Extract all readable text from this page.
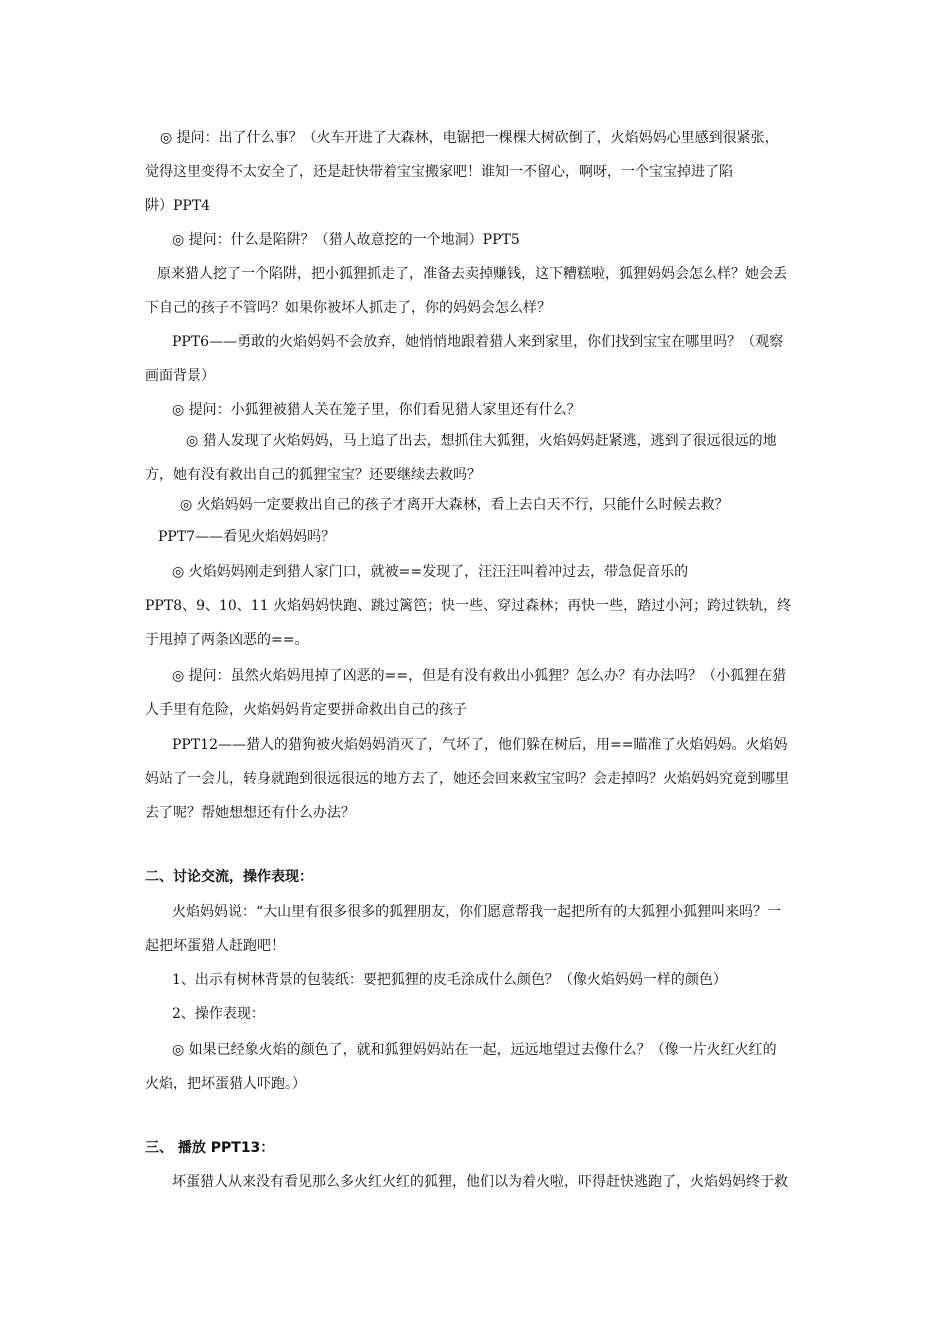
◎ 提问：出了什么事？（火车开进了大森林，电锯把一棵棵大树砍倒了，火焰妈妈心里感到很紧张，

觉得这里变得不太安全了，还是赶快带着宝宝搬家吧！谁知一不留心，啊呀，一个宝宝掉进了陷

阱）PPT4

◎ 提问：什么是陷阱？（猎人故意挖的一个地洞）PPT5

原来猎人挖了一个陷阱，把小狐狸抓走了，准备去卖掉赚钱，这下糟糕啦，狐狸妈妈会怎么样？她会丢

下自己的孩子不管吗？如果你被坏人抓走了，你的妈妈会怎么样？

PPT6——勇敢的火焰妈妈不会放弃，她悄悄地跟着猎人来到家里，你们找到宝宝在哪里吗？（观察

画面背景）

◎ 提问：小狐狸被猎人关在笼子里，你们看见猎人家里还有什么？

◎ 猎人发现了火焰妈妈，马上追了出去，想抓住大狐狸，火焰妈妈赶紧逃，逃到了很远很远的地

方，她有没有救出自己的狐狸宝宝？还要继续去救吗？

◎ 火焰妈妈一定要救出自己的孩子才离开大森林，看上去白天不行，只能什么时候去救？

PPT7——看见火焰妈妈吗？

◎ 火焰妈妈刚走到猎人家门口，就被==发现了，汪汪汪叫着冲过去，带急促音乐的

PPT8、9、10、11 火焰妈妈快跑、跳过篱笆；快一些、穿过森林；再快一些，踏过小河；跨过铁轨，终

于甩掉了两条凶恶的==。

◎ 提问：虽然火焰妈甩掉了凶恶的==，但是有没有救出小狐狸？怎么办？有办法吗？（小狐狸在猎

人手里有危险，火焰妈妈肯定要拼命救出自己的孩子

PPT12——猎人的猎狗被火焰妈妈消灭了，气坏了，他们躲在树后，用==瞄准了火焰妈妈。火焰妈

妈站了一会儿，转身就跑到很远很远的地方去了，她还会回来救宝宝吗？会走掉吗？火焰妈妈究竟到哪里

去了呢？帮她想想还有什么办法？

二、讨论交流，操作表现：

火焰妈妈说：“大山里有很多很多的狐狸朋友，你们愿意帮我一起把所有的大狐狸小狐狸叫来吗？一

起把坏蛋猎人赶跑吧！

1、出示有树林背景的包装纸：要把狐狸的皮毛涂成什么颜色？（像火焰妈妈一样的颜色）

2、操作表现：

◎ 如果已经象火焰的颜色了，就和狐狸妈妈站在一起，远远地望过去像什么？（像一片火红火红的

火焰，把坏蛋猎人吓跑。）

三、 播放 PPT13：

坏蛋猎人从来没有看见那么多火红火红的狐狸，他们以为着火啦，吓得赶快逃跑了，火焰妈妈终于救
